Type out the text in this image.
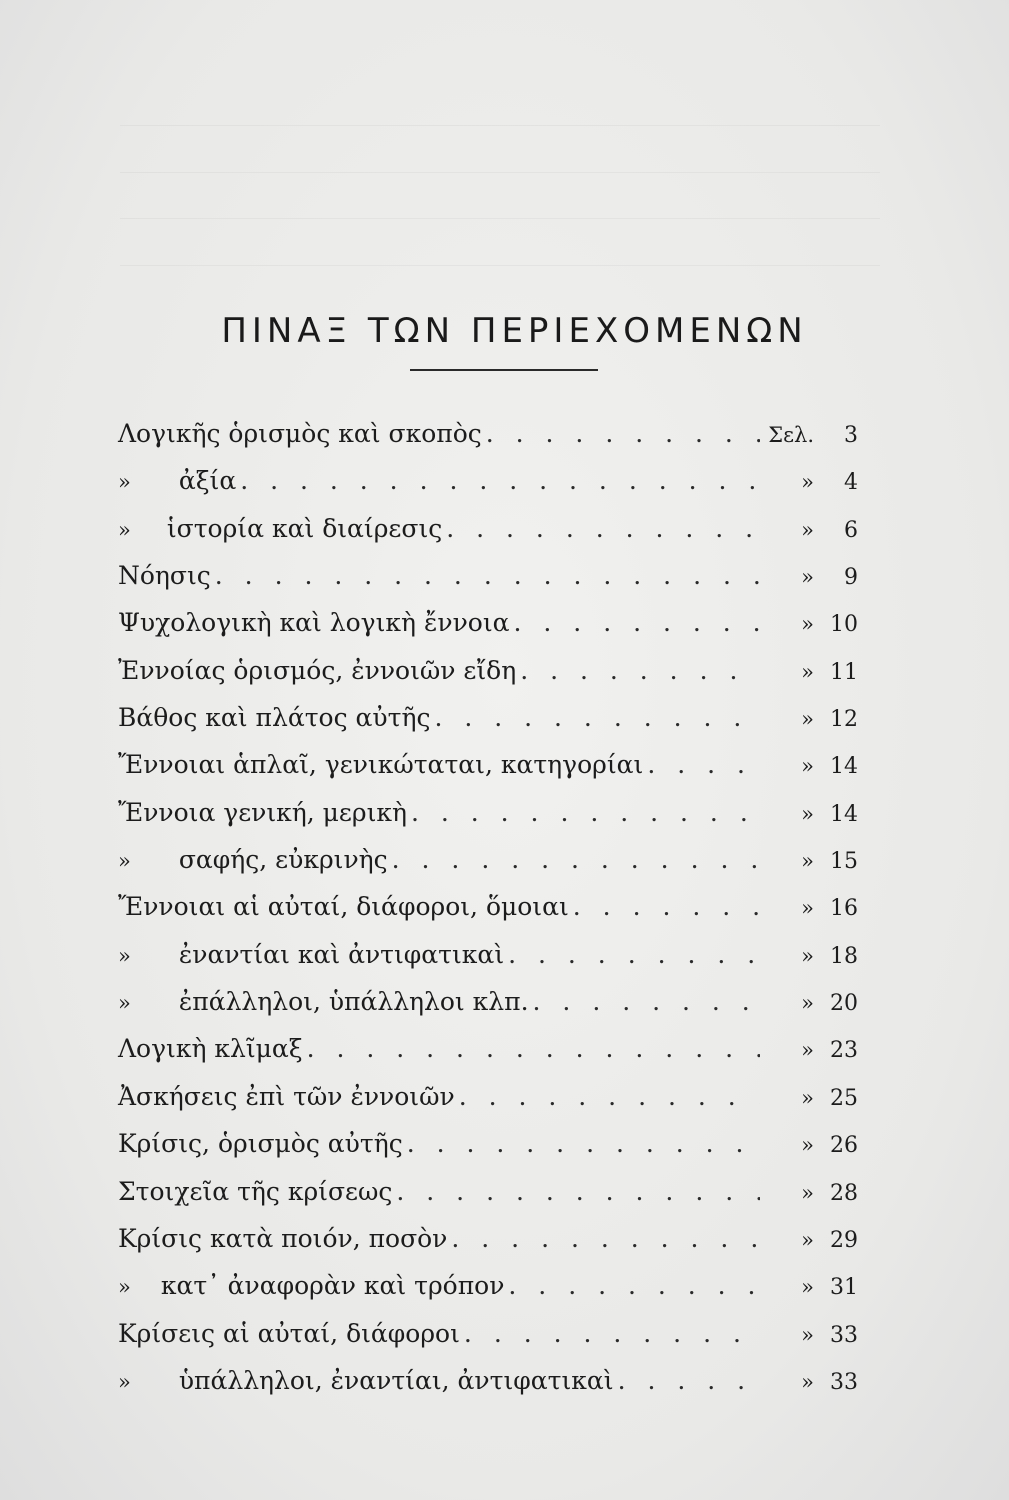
ΠΙΝΑΞ ΤΩΝ ΠΕΡΙΕΧΟΜΕΝΩΝ
Λογικῆς ὁρισμὸς καὶ σκοπὸς . . .	Σελ.	3
» ἀξία . . .	»	4
» ἱστορία καὶ διαίρεσις . . .	»	6
Νόησις . . .	»	9
Ψυχολογικὴ καὶ λογικὴ ἔννοια . . .	» 10
Ἐννοίας ὁρισμός, ἐννοιῶν εἴδη . . .	» 11
Βάθος καὶ πλάτος αὐτῆς . . .	» 12
Ἔννοιαι ἁπλαῖ, γενικώταται, κατηγορίαι . . .	» 14
Ἔννοια γενική, μερικὴ . . .	» 14
» σαφής, εὐκρινὴς . . .	» 15
Ἔννοιαι αἱ αὐταί, διάφοροι, ὅμοιαι . . .	» 16
» ἐναντίαι καὶ ἀντιφατικαὶ . . .	» 18
» ἐπάλληλοι, ὑπάλληλοι κλπ. . . .	» 20
Λογικὴ κλῖμαξ . . .	» 23
Ἀσκήσεις ἐπὶ τῶν ἐννοιῶν . . .	» 25
Κρίσις, ὁρισμὸς αὐτῆς . . .	» 26
Στοιχεῖα τῆς κρίσεως . . .	» 28
Κρίσις κατὰ ποιόν, ποσὸν . . .	» 29
» κατ᾿ ἀναφορὰν καὶ τρόπον . . .	» 31
Κρίσεις αἱ αὐταί, διάφοροι . . .	» 33
» ὑπάλληλοι, ἐναντίαι, ἀντιφατικαὶ . . .	» 33
